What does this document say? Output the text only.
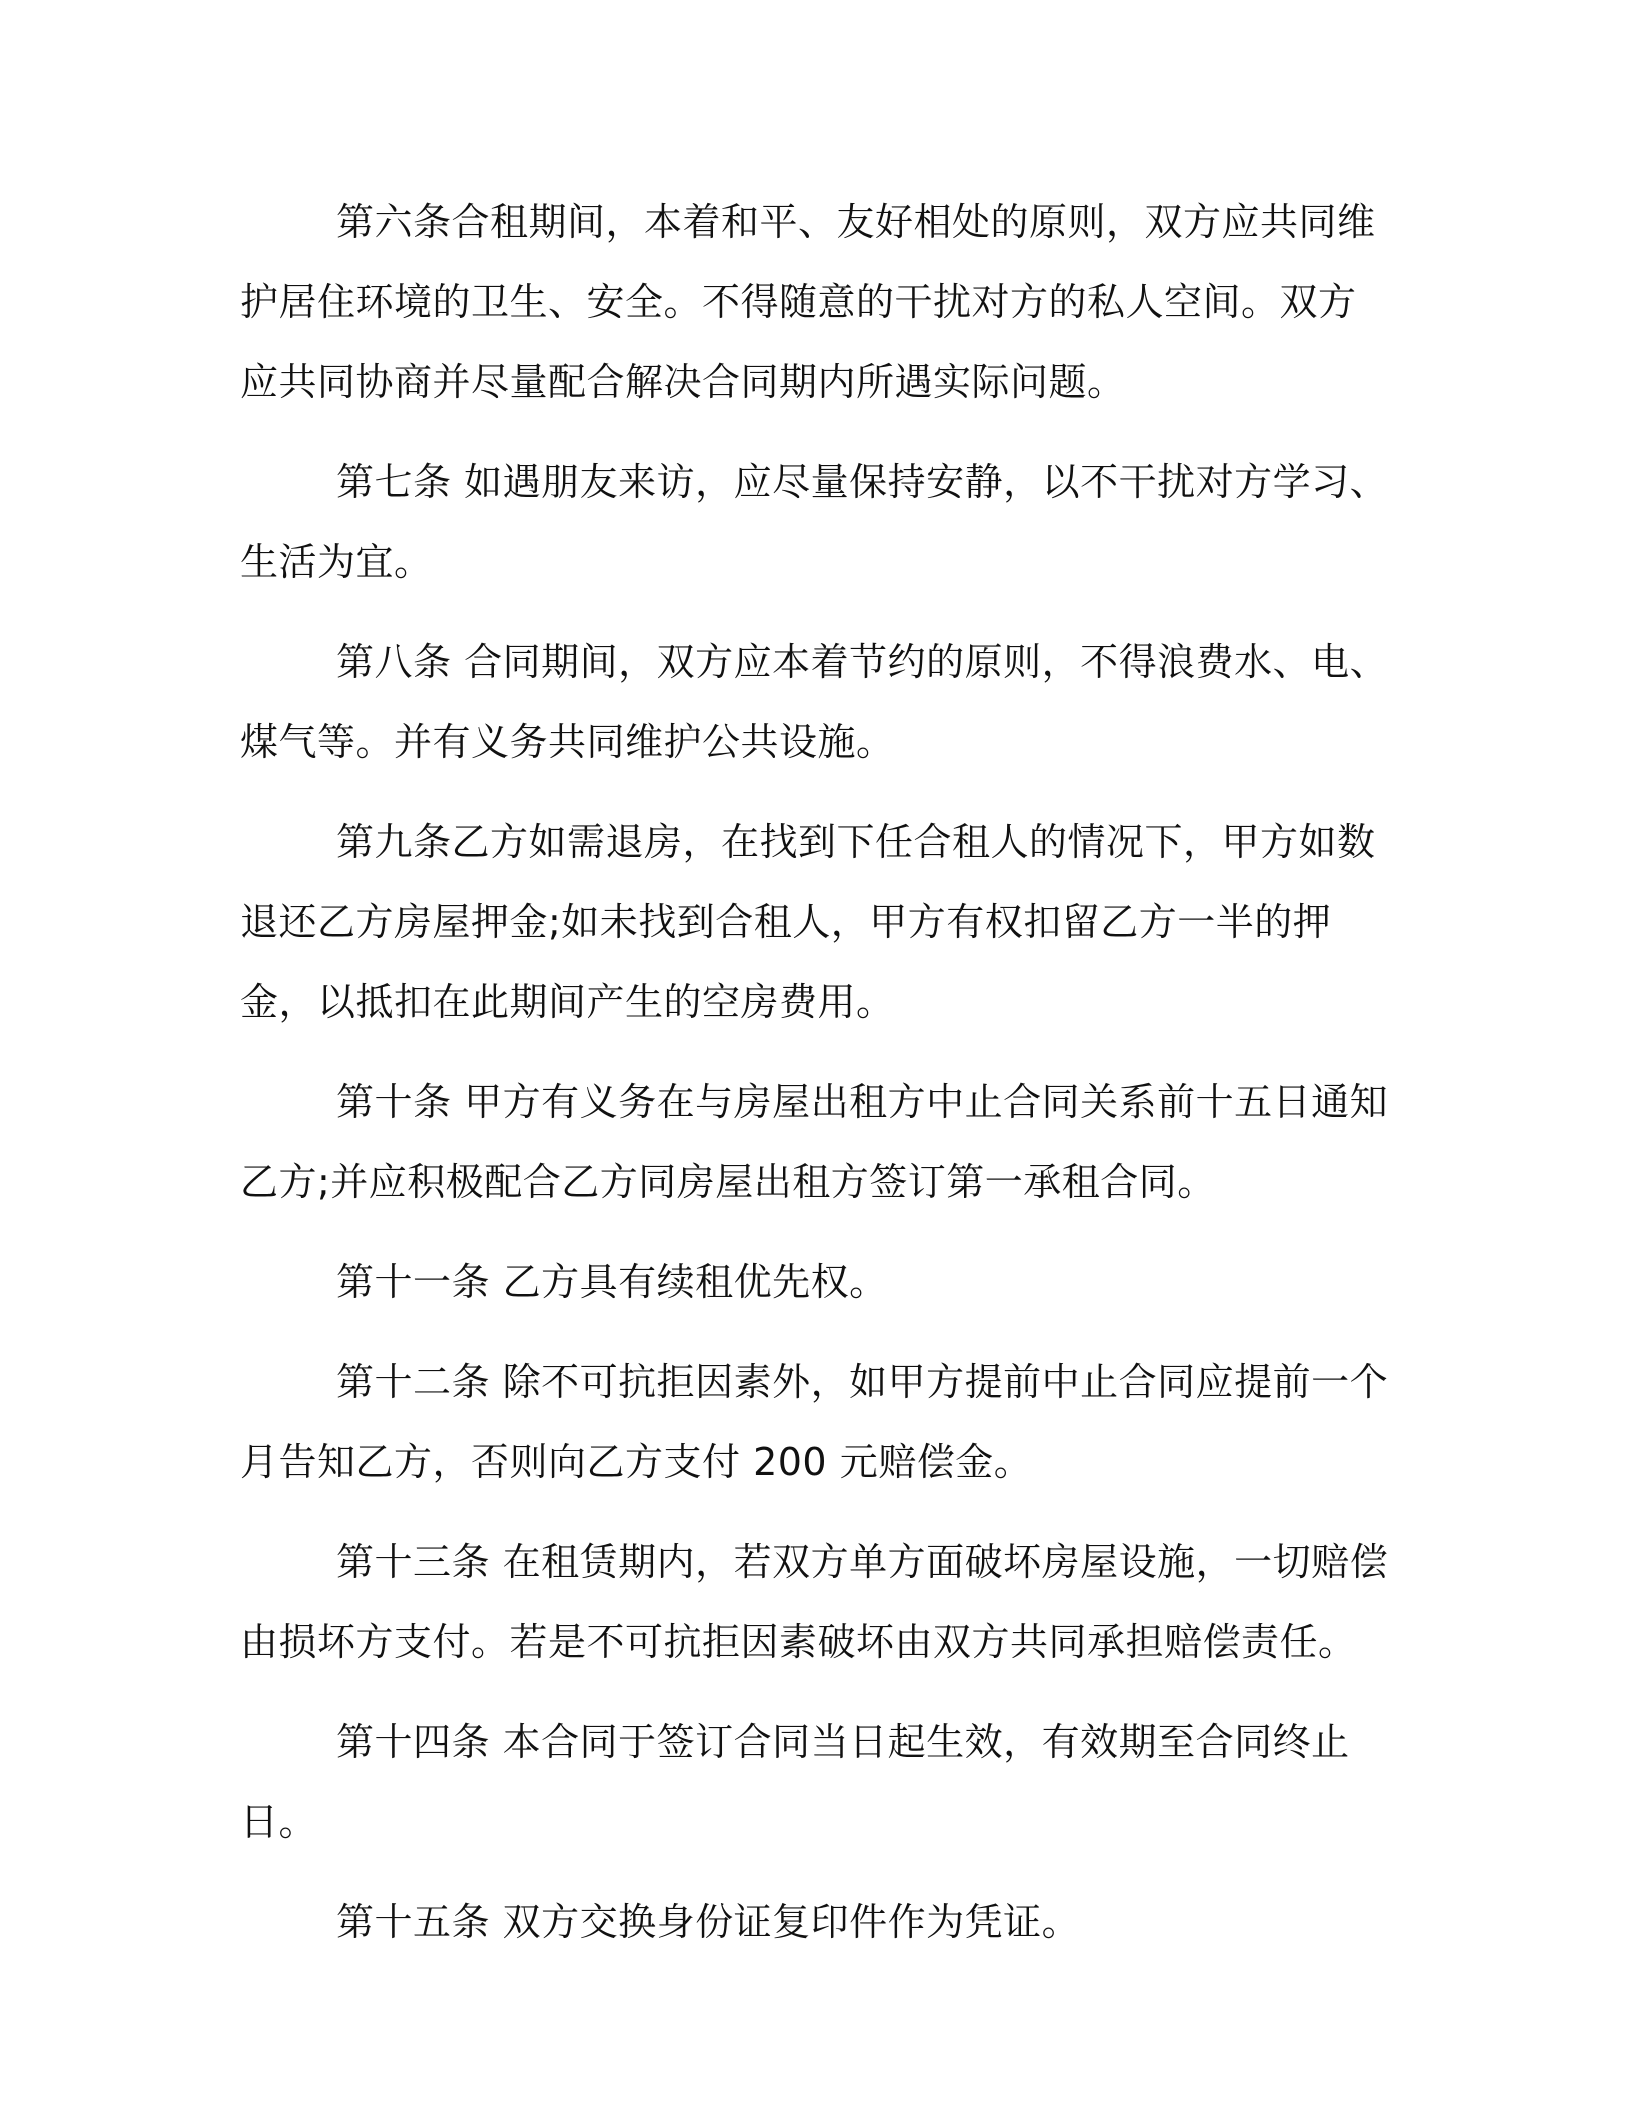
第六条合租期间，本着和平、友好相处的原则，双方应共同维护居住环境的卫生、安全。不得随意的干扰对方的私人空间。双方应共同协商并尽量配合解决合同期内所遇实际问题。

第七条 如遇朋友来访，应尽量保持安静，以不干扰对方学习、生活为宜。

第八条 合同期间，双方应本着节约的原则，不得浪费水、电、煤气等。并有义务共同维护公共设施。

第九条乙方如需退房，在找到下任合租人的情况下，甲方如数退还乙方房屋押金;如未找到合租人，甲方有权扣留乙方一半的押金，以抵扣在此期间产生的空房费用。

第十条 甲方有义务在与房屋出租方中止合同关系前十五日通知乙方;并应积极配合乙方同房屋出租方签订第一承租合同。

第十一条 乙方具有续租优先权。

第十二条 除不可抗拒因素外，如甲方提前中止合同应提前一个月告知乙方，否则向乙方支付 200 元赔偿金。

第十三条 在租赁期内，若双方单方面破坏房屋设施，一切赔偿由损坏方支付。若是不可抗拒因素破坏由双方共同承担赔偿责任。

第十四条 本合同于签订合同当日起生效，有效期至合同终止日。

第十五条 双方交换身份证复印件作为凭证。
